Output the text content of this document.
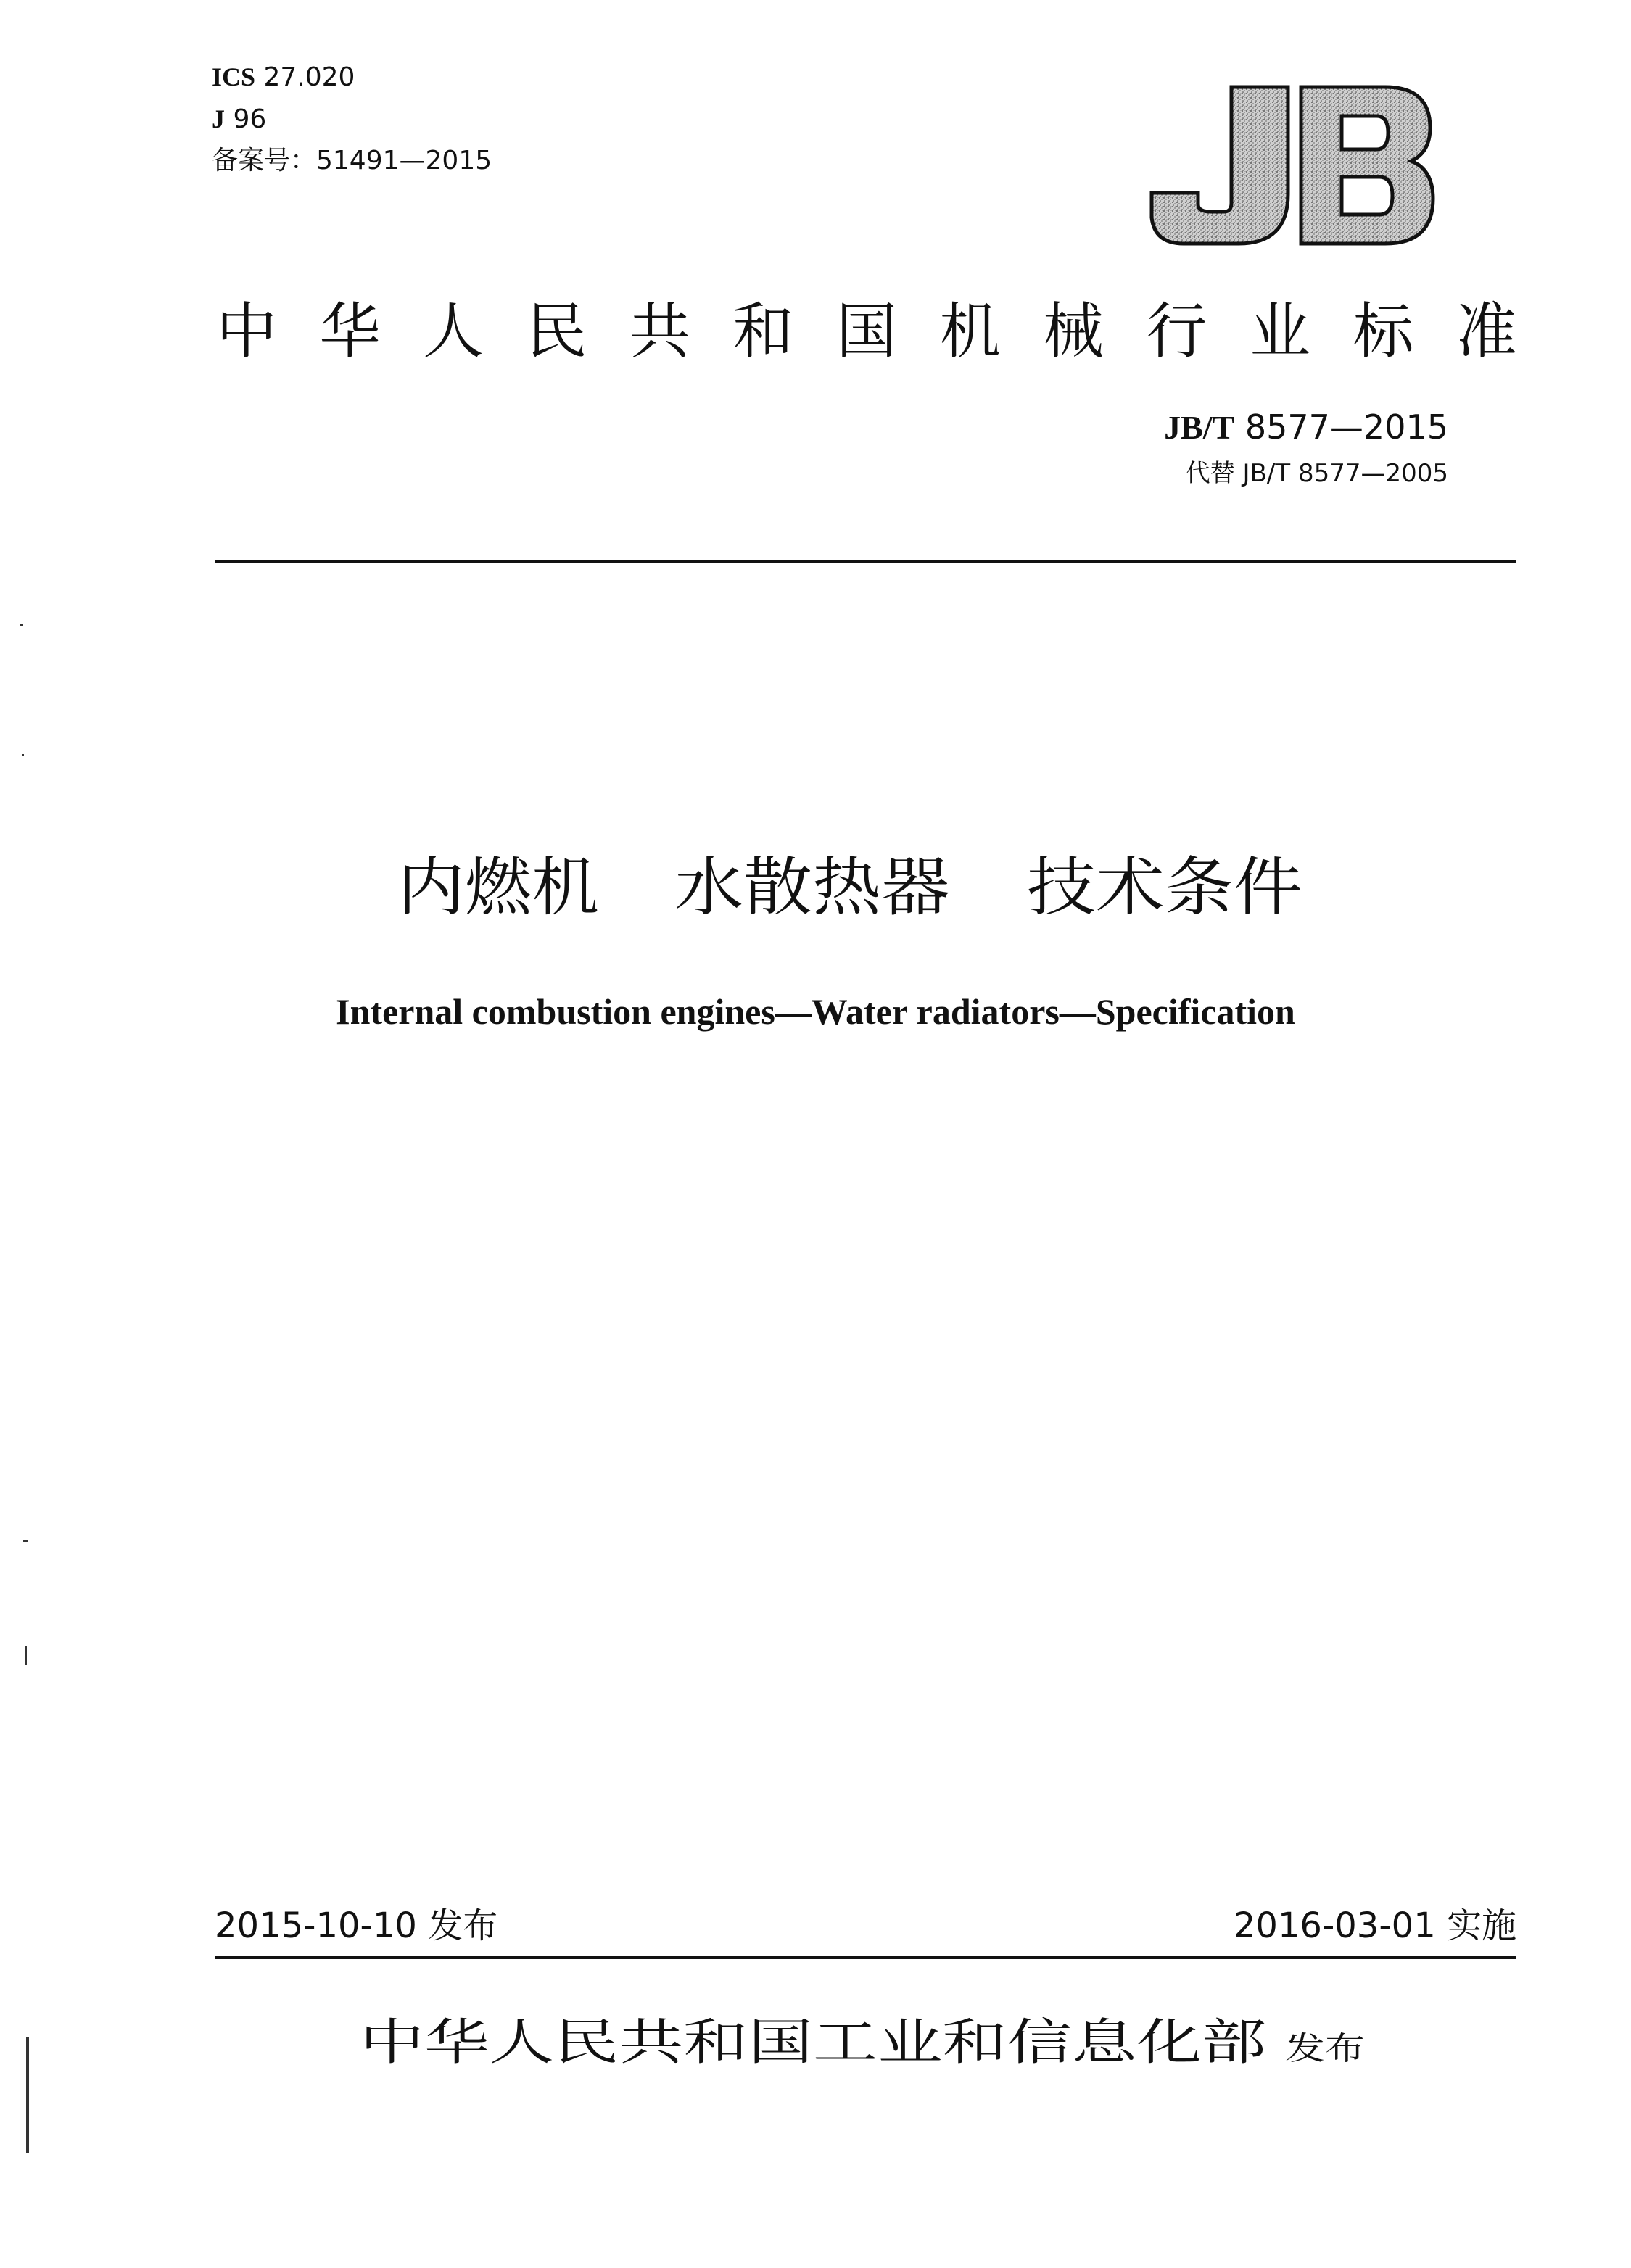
ICS 27.020
J 96
备案号：51491—2015
中 华 人 民 共 和 国 机 械 行 业 标 准
JB/T 8577—2015
代替 JB/T 8577—2005
内燃机 水散热器 技术条件
Internal combustion engines—Water radiators—Specification
2015-10-10 发布	2016-03-01 实施
中华人民共和国工业和信息化部 发布
